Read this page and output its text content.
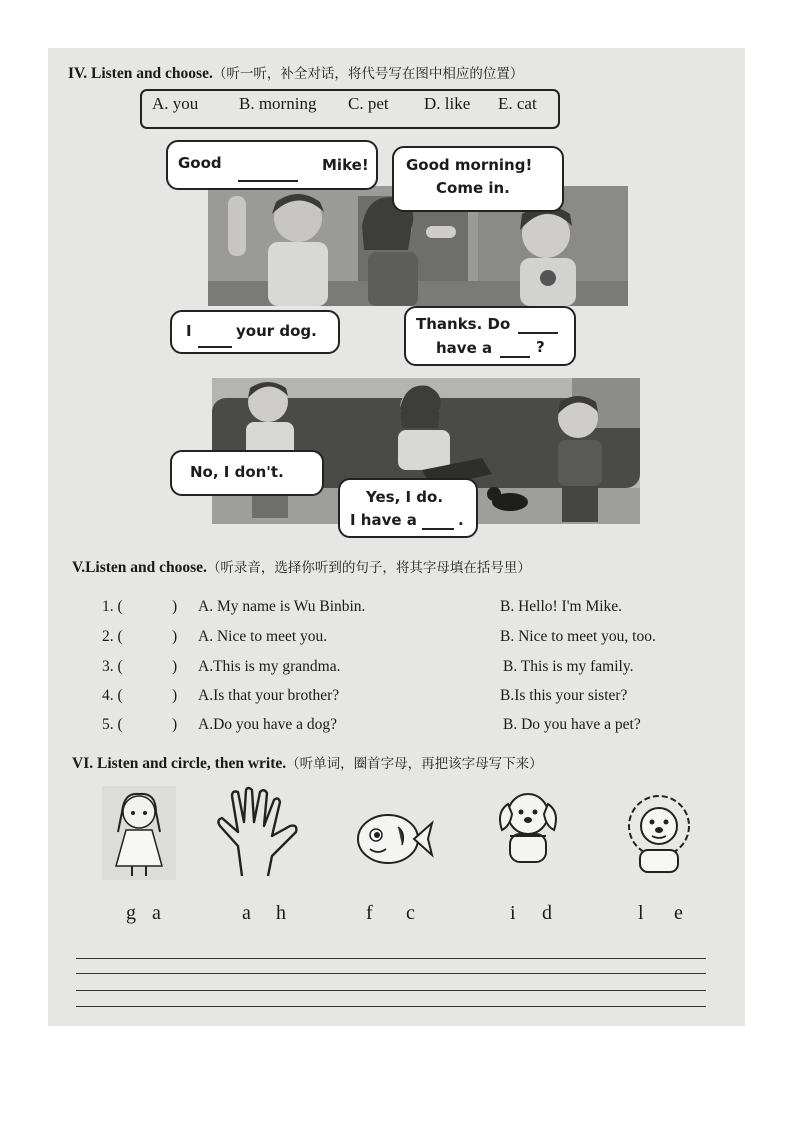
IV. Listen and choose.（听一听，补全对话，将代号写在图中相应的位置）
A. you B. morning C. pet D. like E. cat
Good	Mike! Good morning!
Come in.
I	your dog.	Thanks. Do
have a	?
No, I don't.
Yes, I do.
I have a	.
V.Listen and choose.（听录音，选择你听到的句子，将其字母填在括号里）
1. (	) A. My name is Wu Binbin.	B. Hello! I'm Mike.
2. (	) A. Nice to meet you.	B. Nice to meet you, too.
3. (	) A.This is my grandma.	B. This is my family.
4. (	) A.Is that your brother?	B.Is this your sister?
5. (	) A.Do you have a dog?	B. Do you have a pet?
VI. Listen and circle, then write.（听单词，圈首字母，再把该字母写下来）
g a	a h	f c	i d	l e
